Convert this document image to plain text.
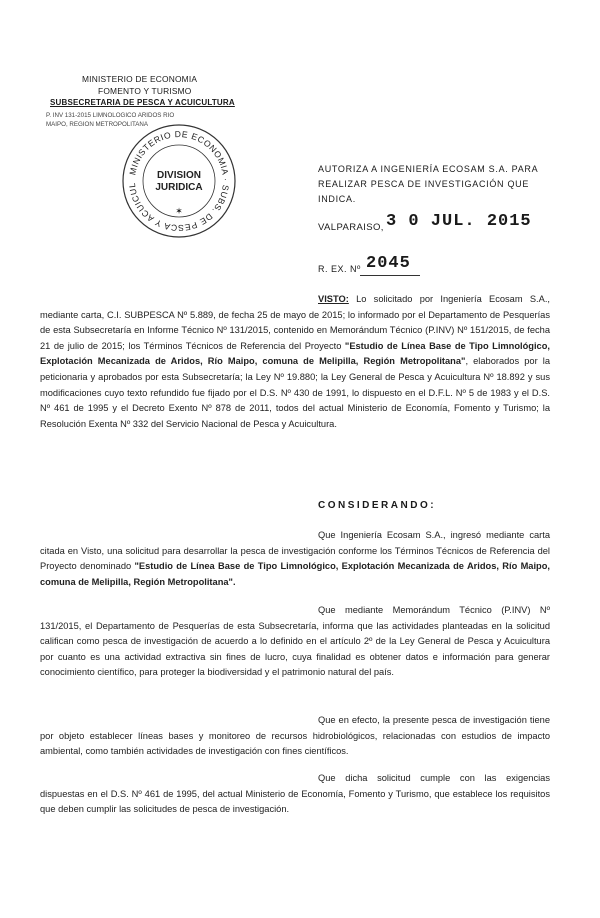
MINISTERIO DE ECONOMIA
FOMENTO Y TURISMO
SUBSECRETARIA DE PESCA Y ACUICULTURA
P. INV 131-2015 LIMNOLOGICO ARIDOS RIO
MAIPO, REGION METROPOLITANA
MINISTERIO DE ECONOMIA · SUBS. DE PESCA Y ACUICUL
DIVISION
JURIDICA
✶
AUTORIZA A INGENIERÍA ECOSAM S.A. PARA REALIZAR PESCA DE INVESTIGACIÓN QUE INDICA.
VALPARAISO, 3 0 JUL. 2015
R. EX. Nº 2045
VISTO: Lo solicitado por Ingeniería Ecosam S.A., mediante carta, C.I. SUBPESCA Nº 5.889, de fecha 25 de mayo de 2015; lo informado por el Departamento de Pesquerías de esta Subsecretaría en Informe Técnico Nº 131/2015, contenido en Memorándum Técnico (P.INV) Nº 151/2015, de fecha 21 de julio de 2015; los Términos Técnicos de Referencia del Proyecto "Estudio de Línea Base de Tipo Limnológico, Explotación Mecanizada de Aridos, Río Maipo, comuna de Melipilla, Región Metropolitana", elaborados por la peticionaria y aprobados por esta Subsecretaría; la Ley Nº 19.880; la Ley General de Pesca y Acuicultura Nº 18.892 y sus modificaciones cuyo texto refundido fue fijado por el D.S. Nº 430 de 1991, lo dispuesto en el D.F.L. Nº 5 de 1983 y el D.S. Nº 461 de 1995 y el Decreto Exento Nº 878 de 2011, todos del actual Ministerio de Economía, Fomento y Turismo; la Resolución Exenta Nº 332 del Servicio Nacional de Pesca y Acuicultura.
CONSIDERANDO:
Que Ingeniería Ecosam S.A., ingresó mediante carta citada en Visto, una solicitud para desarrollar la pesca de investigación conforme los Términos Técnicos de Referencia del Proyecto denominado "Estudio de Línea Base de Tipo Limnológico, Explotación Mecanizada de Aridos, Río Maipo, comuna de Melipilla, Región Metropolitana".
Que mediante Memorándum Técnico (P.INV) Nº 131/2015, el Departamento de Pesquerías de esta Subsecretaría, informa que las actividades planteadas en la solicitud califican como pesca de investigación de acuerdo a lo definido en el artículo 2º de la Ley General de Pesca y Acuicultura por cuanto es una actividad extractiva sin fines de lucro, cuya finalidad es obtener datos e información para generar conocimiento científico, para proteger la biodiversidad y el patrimonio natural del país.
Que en efecto, la presente pesca de investigación tiene por objeto establecer líneas bases y monitoreo de recursos hidrobiológicos, relacionadas con estudios de impacto ambiental, como también actividades de investigación con fines científicos.
Que dicha solicitud cumple con las exigencias dispuestas en el D.S. Nº 461 de 1995, del actual Ministerio de Economía, Fomento y Turismo, que establece los requisitos que deben cumplir las solicitudes de pesca de investigación.
